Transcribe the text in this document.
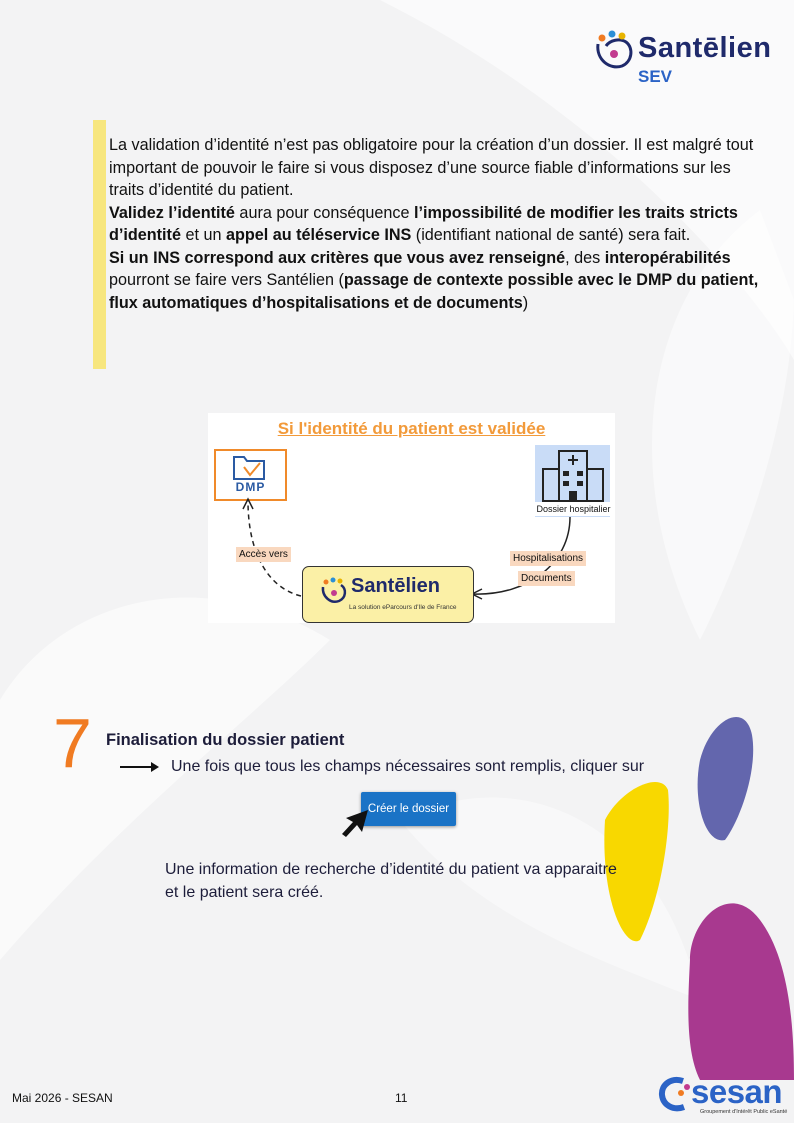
Santēlien
SEV
La validation d’identité n’est pas obligatoire pour la création d’un dossier. Il est malgré tout important de pouvoir le faire si vous disposez d’une source fiable d’informations sur les traits d’identité du patient.
Validez l’identité aura pour conséquence l’impossibilité de modifier les traits stricts d’identité et un appel au téléservice INS (identifiant national de santé) sera fait.
Si un INS correspond aux critères que vous avez renseigné, des interopérabilités pourront se faire vers Santélien (passage de contexte possible avec le DMP du patient, flux automatiques d’hospitalisations et de documents)
Si l'identité du patient est validée
DMP
Dossier hospitalier
Accès vers	Hospitalisations
Documents
Santēlien
La solution eParcours d'Ile de France
7 Finalisation du dossier patient
Une fois que tous les champs nécessaires sont remplis, cliquer sur
Créer le dossier
Une information de recherche d’identité du patient va apparaitre et le patient sera créé.
Mai 2026 - SESAN	11	sesan
Groupement d'Intérêt Public eSanté
